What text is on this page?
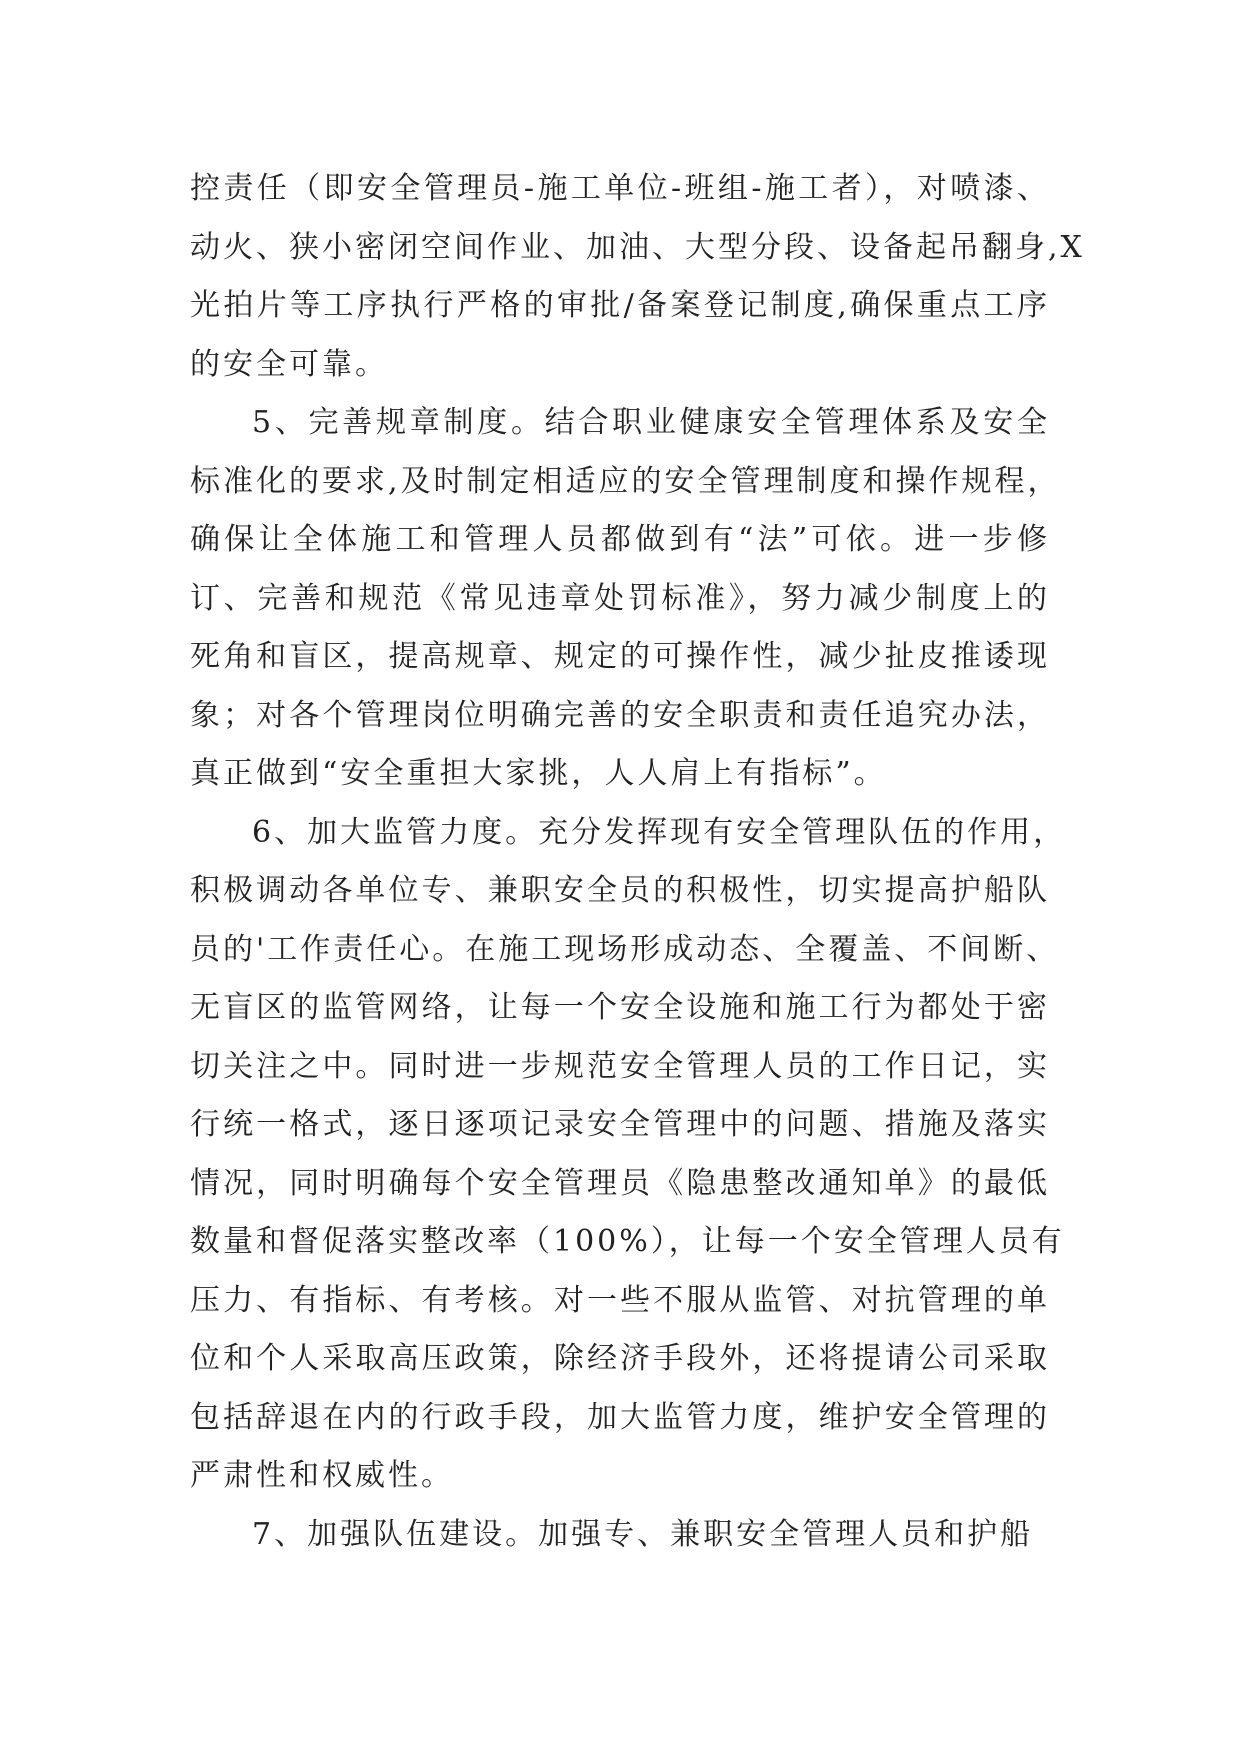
控责任（即安全管理员-施工单位-班组-施工者），对喷漆、
动火、狭小密闭空间作业、加油、大型分段、设备起吊翻身,X
光拍片等工序执行严格的审批/备案登记制度,确保重点工序
的安全可靠。
5、完善规章制度。结合职业健康安全管理体系及安全
标准化的要求,及时制定相适应的安全管理制度和操作规程，
确保让全体施工和管理人员都做到有“法”可依。进一步修
订、完善和规范《常见违章处罚标准》，努力减少制度上的
死角和盲区，提高规章、规定的可操作性，减少扯皮推诿现
象；对各个管理岗位明确完善的安全职责和责任追究办法，
真正做到“安全重担大家挑，人人肩上有指标”。
6、加大监管力度。充分发挥现有安全管理队伍的作用，
积极调动各单位专、兼职安全员的积极性，切实提高护船队
员的'工作责任心。在施工现场形成动态、全覆盖、不间断、
无盲区的监管网络，让每一个安全设施和施工行为都处于密
切关注之中。同时进一步规范安全管理人员的工作日记，实
行统一格式，逐日逐项记录安全管理中的问题、措施及落实
情况，同时明确每个安全管理员《隐患整改通知单》的最低
数量和督促落实整改率（100%），让每一个安全管理人员有
压力、有指标、有考核。对一些不服从监管、对抗管理的单
位和个人采取高压政策，除经济手段外，还将提请公司采取
包括辞退在内的行政手段，加大监管力度，维护安全管理的
严肃性和权威性。
7、加强队伍建设。加强专、兼职安全管理人员和护船
